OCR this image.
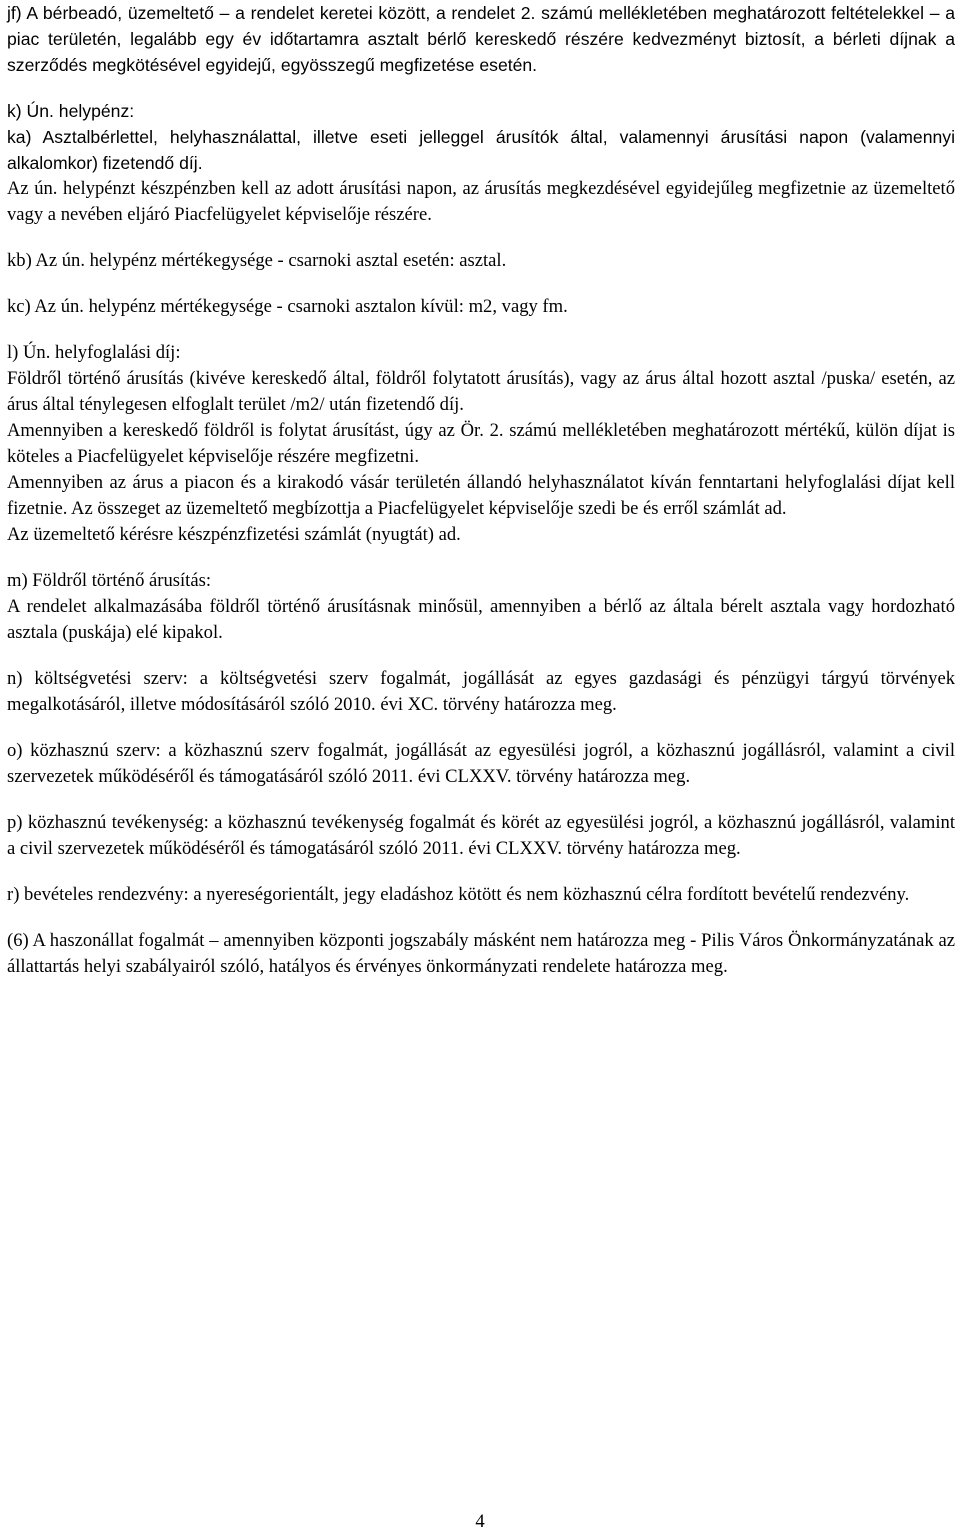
jf) A bérbeadó, üzemeltető – a rendelet keretei között, a rendelet 2. számú mellékletében meghatározott feltételekkel – a piac területén, legalább egy év időtartamra asztalt bérlő kereskedő részére kedvezményt biztosít, a bérleti díjnak a szerződés megkötésével egyidejű, egyösszegű megfizetése esetén.

k) Ún. helypénz:

ka) Asztalbérlettel, helyhasználattal, illetve eseti jelleggel árusítók által, valamennyi árusítási napon (valamennyi alkalomkor) fizetendő díj.

Az ún. helypénzt készpénzben kell az adott árusítási napon, az árusítás megkezdésével egyidejűleg megfizetnie az üzemeltető vagy a nevében eljáró Piacfelügyelet képviselője részére.

kb) Az ún. helypénz mértékegysége - csarnoki asztal esetén: asztal.

kc) Az ún. helypénz mértékegysége - csarnoki asztalon kívül: m2, vagy fm.

l) Ún. helyfoglalási díj:

Földről történő árusítás (kivéve kereskedő által, földről folytatott árusítás), vagy az árus által hozott asztal /puska/ esetén, az árus által ténylegesen elfoglalt terület /m2/ után fizetendő díj.

Amennyiben a kereskedő földről is folytat árusítást, úgy az Ör. 2. számú mellékletében meghatározott mértékű, külön díjat is köteles a Piacfelügyelet képviselője részére megfizetni.

Amennyiben az árus a piacon és a kirakodó vásár területén állandó helyhasználatot kíván fenntartani helyfoglalási díjat kell fizetnie. Az összeget az üzemeltető megbízottja a Piacfelügyelet képviselője szedi be és erről számlát ad.

Az üzemeltető kérésre készpénzfizetési számlát (nyugtát) ad.

m) Földről történő árusítás:

A rendelet alkalmazásába földről történő árusításnak minősül, amennyiben a bérlő az általa bérelt asztala vagy hordozható asztala (puskája) elé kipakol.

n) költségvetési szerv: a költségvetési szerv fogalmát, jogállását az egyes gazdasági és pénzügyi tárgyú törvények megalkotásáról, illetve módosításáról szóló 2010. évi XC. törvény határozza meg.

o) közhasznú szerv: a közhasznú szerv fogalmát, jogállását az egyesülési jogról, a közhasznú jogállásról, valamint a civil szervezetek működéséről és támogatásáról szóló 2011. évi CLXXV. törvény határozza meg.

p) közhasznú tevékenység: a közhasznú tevékenység fogalmát és körét az egyesülési jogról, a közhasznú jogállásról, valamint a civil szervezetek működéséről és támogatásáról szóló 2011. évi CLXXV. törvény határozza meg.

r) bevételes rendezvény: a nyereségorientált, jegy eladáshoz kötött és nem közhasznú célra fordított bevételű rendezvény.

(6) A haszonállat fogalmát – amennyiben központi jogszabály másként nem határozza meg - Pilis Város Önkormányzatának az állattartás helyi szabályairól szóló, hatályos és érvényes önkormányzati rendelete határozza meg.

4
